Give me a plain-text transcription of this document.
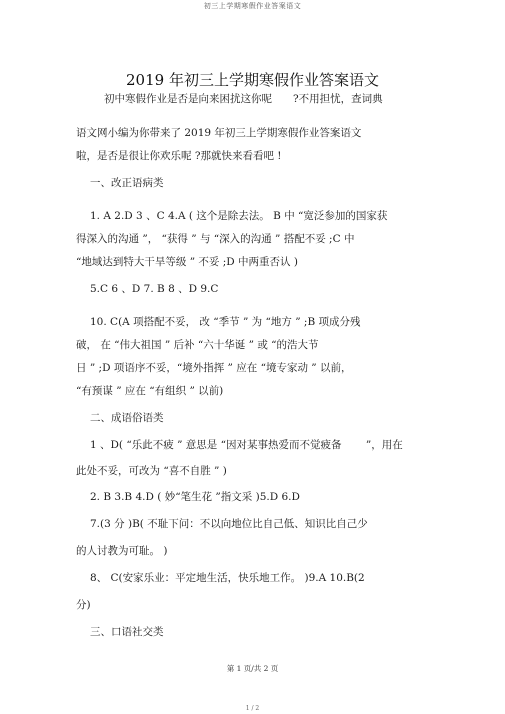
初三上学期寒假作业答案语文
2019 年初三上学期寒假作业答案语文
初中寒假作业是否是向来困扰这你呢　　?不用担忧，查词典
语文网小编为你带来了 2019 年初三上学期寒假作业答案语文
啦，是否是很让你欢乐呢 ?那就快来看看吧 !
一、改正语病类
1. A 2.D 3 、C 4.A ( 这个是除去法。 B 中 “宽泛参加的国家获
得深入的沟通 ”， “获得 ” 与 “深入的沟通 ” 搭配不妥 ;C 中
“地域达到特大干旱等级 ” 不妥 ;D 中两重否认 )
5.C 6 、D 7. B 8 、D 9.C
10. C(A 项搭配不妥， 改 “季节 ” 为 “地方 ” ;B 项成分残
破， 在 “伟大祖国 ” 后补 “六十华诞 ” 或 “的浩大节
日 ” ;D 项语序不妥，“境外指挥 ” 应在 “境专家动 ” 以前，
“有预谋 ” 应在 “有组织 ” 以前)
二、成语俗语类
1 、D( “乐此不疲 ” 意思是 “因对某事热爱而不觉疲备 　　”，用在
此处不妥，可改为 “喜不自胜 ” )
2. B 3.B 4.D ( 妙“笔生花 ”指文采 )5.D 6.D
7.(3 分 )B( 不耻下问：不以向地位比自己低、知识比自己少
的人讨教为可耻。 )
8、 C(安家乐业：平定地生活，快乐地工作。 )9.A 10.B(2
分)
三、口语社交类
第 1 页/共 2 页
1 / 2
